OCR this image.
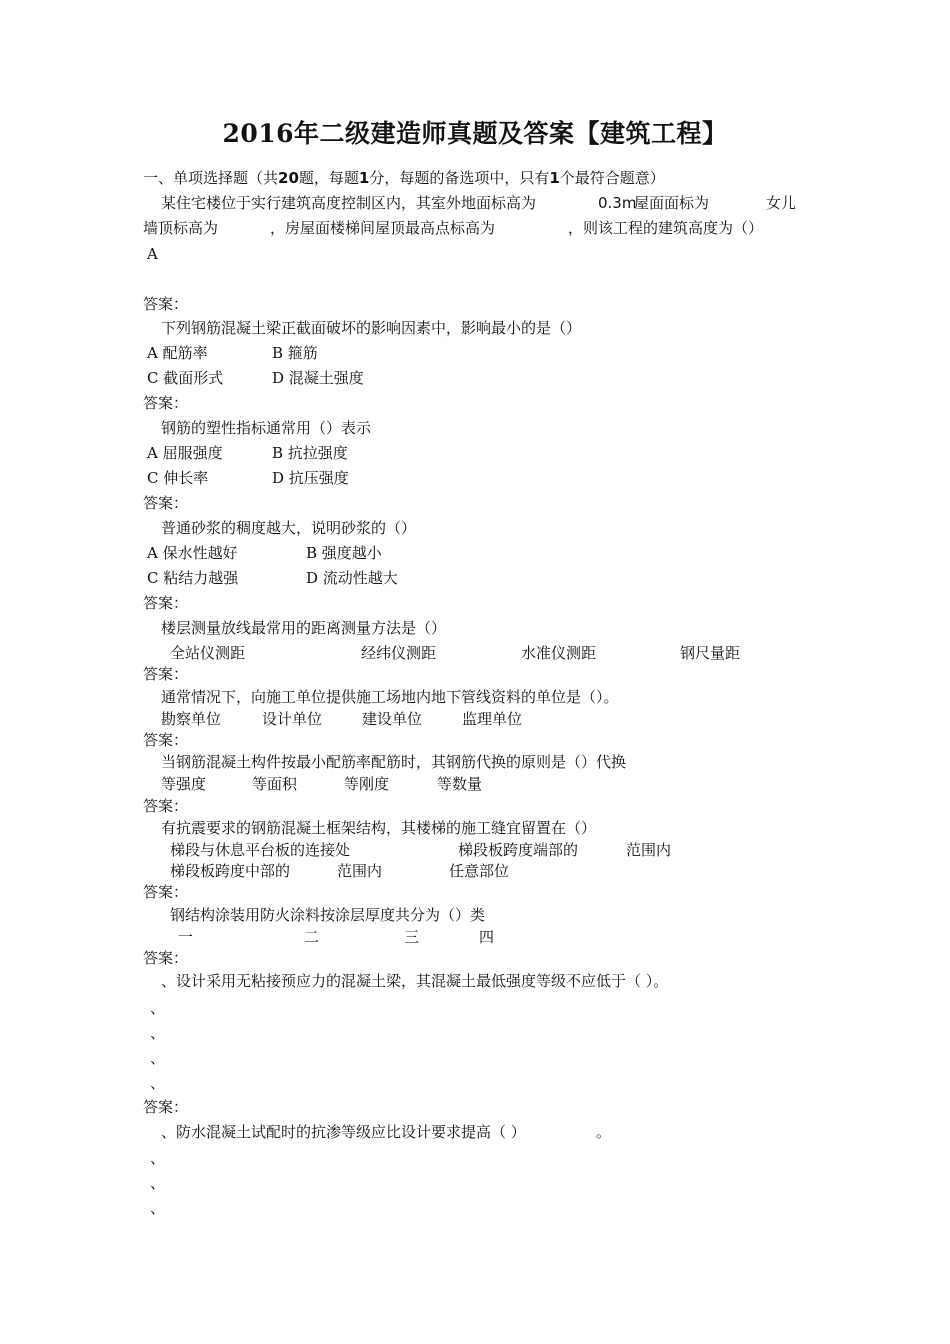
2016年二级建造师真题及答案【建筑工程】
一、单项选择题（共20题，每题1分，每题的备选项中，只有1个最符合题意）
某住宅楼位于实行建筑高度控制区内，其室外地面标高为	0.3m
屋面面标为	女儿
墙顶标高为	，房屋面楼梯间屋顶最高点标高为	，则该工程的建筑高度为（）
A
答案：
下列钢筋混凝土梁正截面破坏的影响因素中，影响最小的是（）
A 配筋率	B 箍筋
C 截面形式	D 混凝土强度
答案：
钢筋的塑性指标通常用（）表示
A 屈服强度	B 抗拉强度
C 伸长率	D 抗压强度
答案：
普通砂浆的稠度越大，说明砂浆的（）
A 保水性越好	B 强度越小
C 粘结力越强	D 流动性越大
答案：
楼层测量放线最常用的距离测量方法是（）
全站仪测距	经纬仪测距	水准仪测距	钢尺量距
答案：
通常情况下，向施工单位提供施工场地内地下管线资料的单位是（）。
勘察单位	设计单位	建设单位	监理单位
答案：
当钢筋混凝土构件按最小配筋率配筋时，其钢筋代换的原则是（）代换
等强度	等面积	等刚度	等数量
答案：
有抗震要求的钢筋混凝土框架结构，其楼梯的施工缝宜留置在（）
梯段与休息平台板的连接处	梯段板跨度端部的	范围内
梯段板跨度中部的	范围内	任意部位
答案：
钢结构涂装用防火涂料按涂层厚度共分为（）类
一	二	三	四
答案：
、设计采用无粘接预应力的混凝土梁，其混凝土最低强度等级不应低于（ ）。
、
、
、
、
答案：
、防水混凝土试配时的抗渗等级应比设计要求提高（ ）	。
、
、
、
